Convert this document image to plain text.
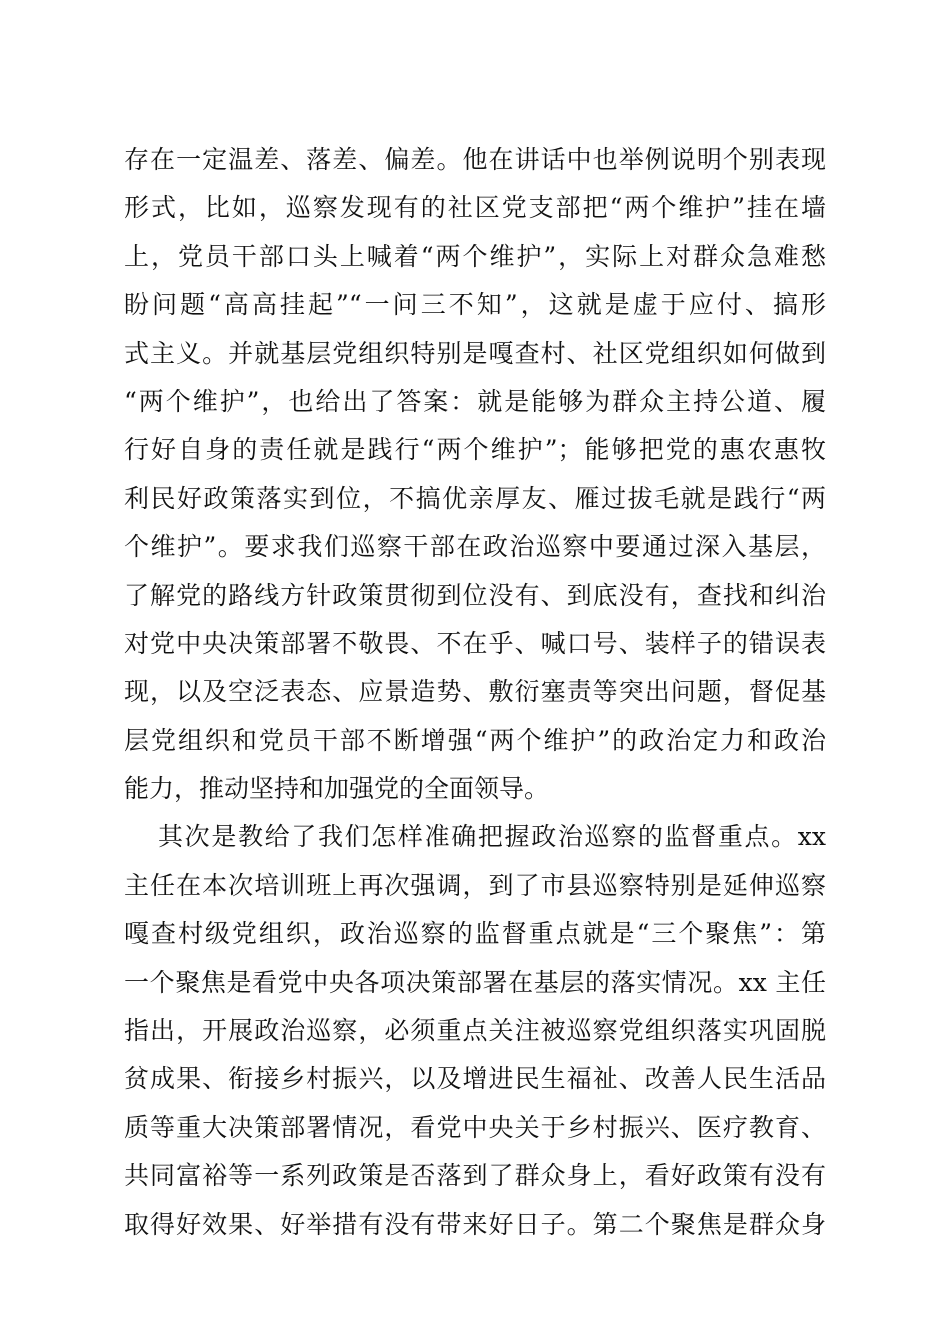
存在一定温差、落差、偏差。他在讲话中也举例说明个别表现
形式，比如，巡察发现有的社区党支部把“两个维护”挂在墙
上，党员干部口头上喊着“两个维护”，实际上对群众急难愁
盼问题“高高挂起”“一问三不知”，这就是虚于应付、搞形
式主义。并就基层党组织特别是嘎查村、社区党组织如何做到
“两个维护”，也给出了答案：就是能够为群众主持公道、履
行好自身的责任就是践行“两个维护”；能够把党的惠农惠牧
利民好政策落实到位，不搞优亲厚友、雁过拔毛就是践行“两
个维护”。要求我们巡察干部在政治巡察中要通过深入基层，
了解党的路线方针政策贯彻到位没有、到底没有，查找和纠治
对党中央决策部署不敬畏、不在乎、喊口号、装样子的错误表
现，以及空泛表态、应景造势、敷衍塞责等突出问题，督促基
层党组织和党员干部不断增强“两个维护”的政治定力和政治
能力，推动坚持和加强党的全面领导。
其次是教给了我们怎样准确把握政治巡察的监督重点。xx
主任在本次培训班上再次强调，到了市县巡察特别是延伸巡察
嘎查村级党组织，政治巡察的监督重点就是“三个聚焦”：第
一个聚焦是看党中央各项决策部署在基层的落实情况。xx 主任
指出，开展政治巡察，必须重点关注被巡察党组织落实巩固脱
贫成果、衔接乡村振兴，以及增进民生福祉、改善人民生活品
质等重大决策部署情况，看党中央关于乡村振兴、医疗教育、
共同富裕等一系列政策是否落到了群众身上，看好政策有没有
取得好效果、好举措有没有带来好日子。第二个聚焦是群众身
